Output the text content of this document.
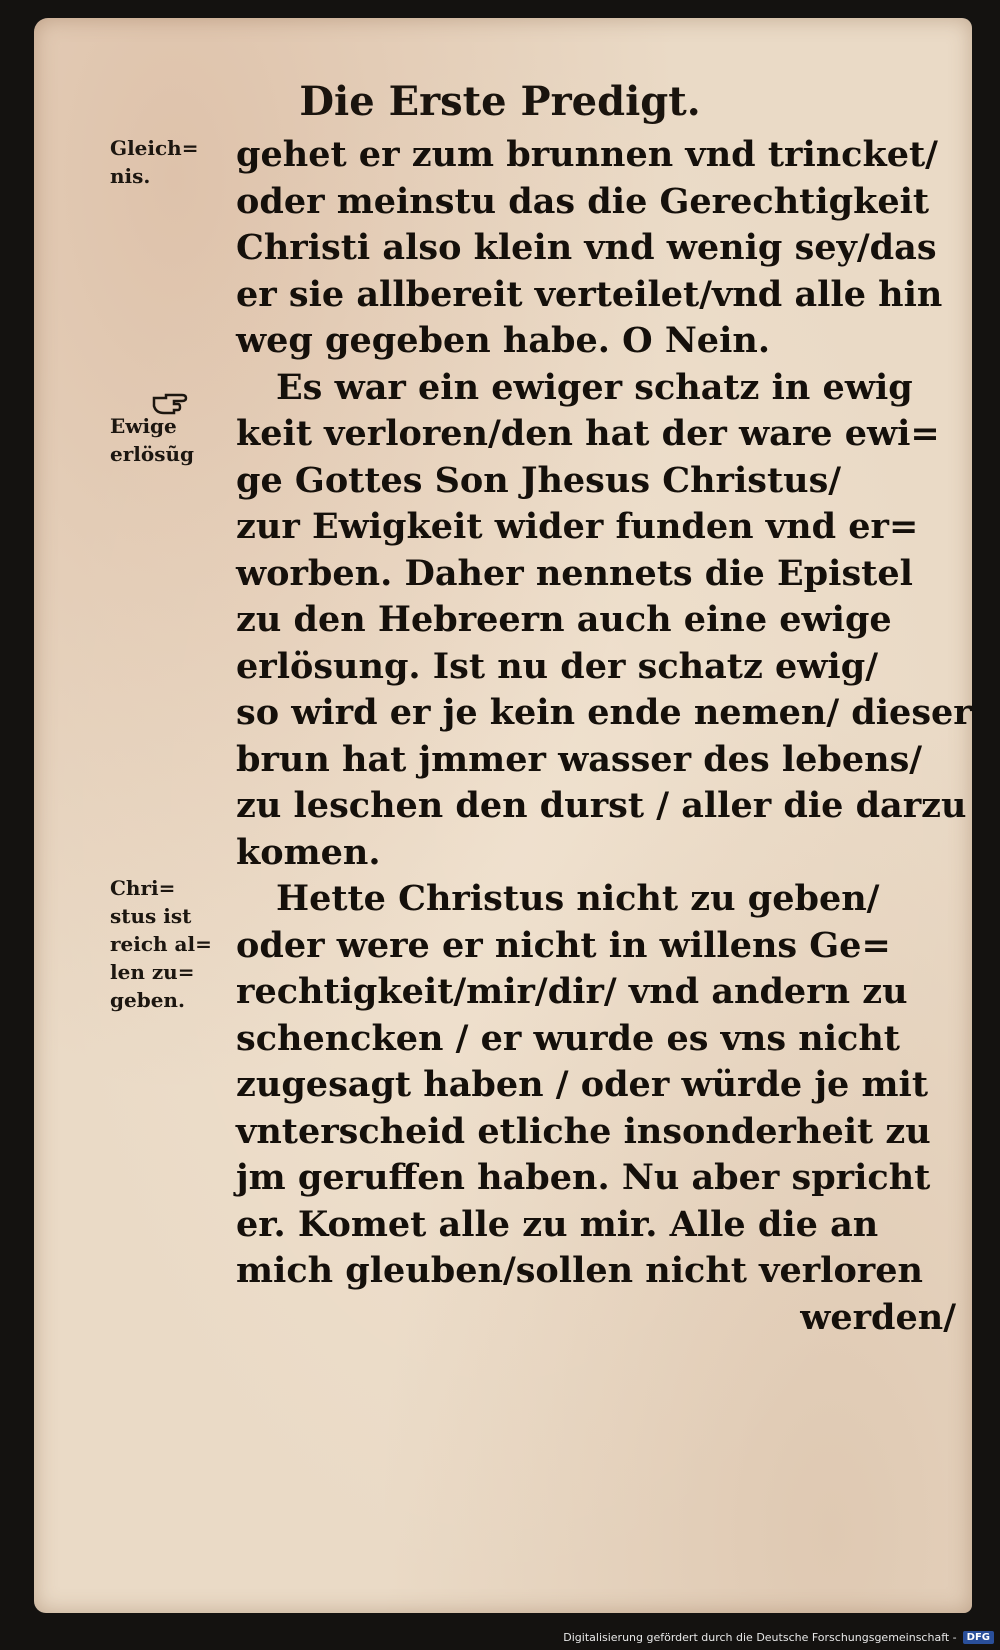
Die Erste Predigt.
Gleich=
nis.
Ewige
erlösũg
Chri=
stus ist
reich al=
len zu=
geben.
gehet er zum brunnen vnd trincket/
oder meinstu das die Gerechtigkeit
Christi also klein vnd wenig sey/das
er sie allbereit verteilet/vnd alle hin
weg gegeben habe. O Nein.
Es war ein ewiger schatz in ewig
keit verloren/den hat der ware ewi=
ge Gottes Son Jhesus Christus/
zur Ewigkeit wider funden vnd er=
worben. Daher nennets die Epistel
zu den Hebreern auch eine ewige
erlösung. Ist nu der schatz ewig/
so wird er je kein ende nemen/ dieser
brun hat jmmer wasser des lebens/
zu leschen den durst / aller die darzu
komen.
Hette Christus nicht zu geben/
oder were er nicht in willens Ge=
rechtigkeit/mir/dir/ vnd andern zu
schencken / er wurde es vns nicht
zugesagt haben / oder würde je mit
vnterscheid etliche insonderheit zu
jm geruffen haben. Nu aber spricht
er. Komet alle zu mir. Alle die an
mich gleuben/sollen nicht verloren
werden/
Digitalisierung gefördert durch die Deutsche Forschungsgemeinschaft -	DFG
